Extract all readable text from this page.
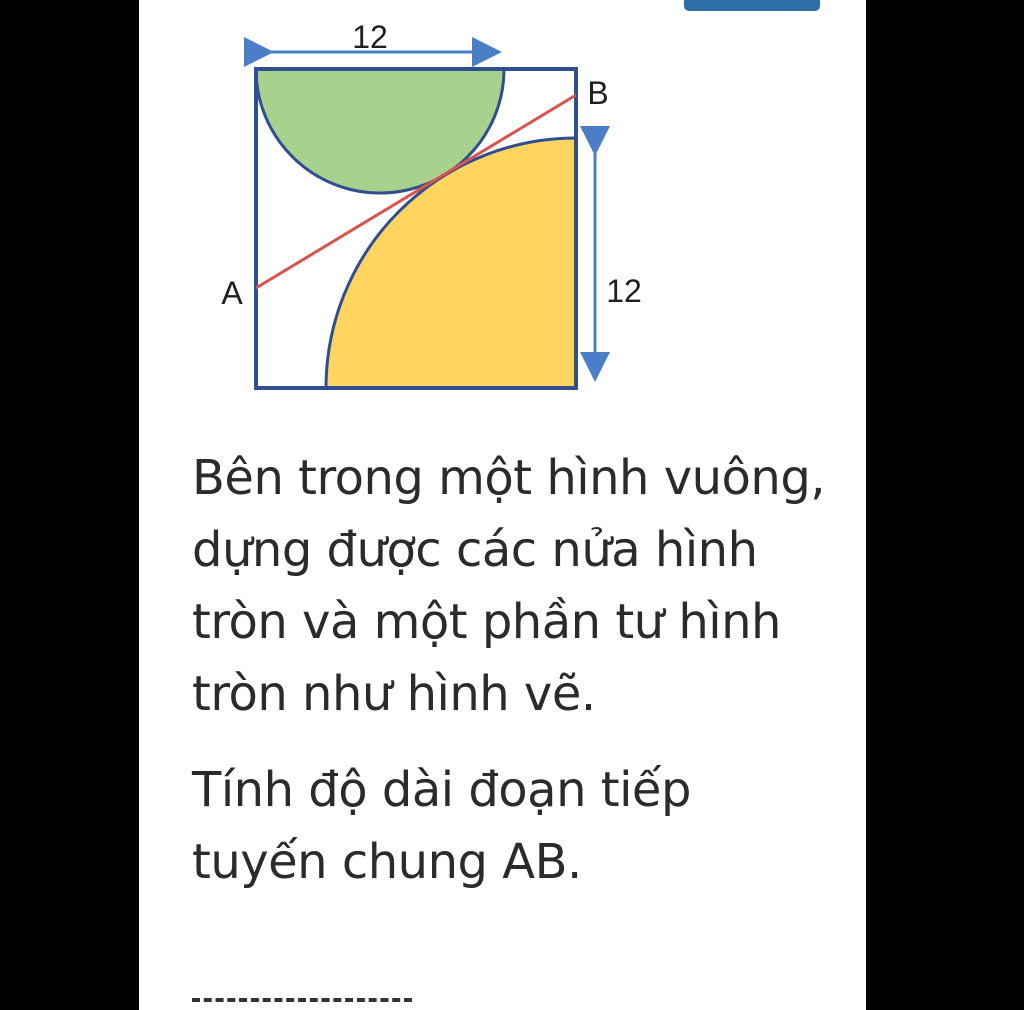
12
12
A
B

Bên trong một hình vuông, dựng được các nửa hình tròn và một phần tư hình tròn như hình vẽ.

Tính độ dài đoạn tiếp tuyến chung AB.
